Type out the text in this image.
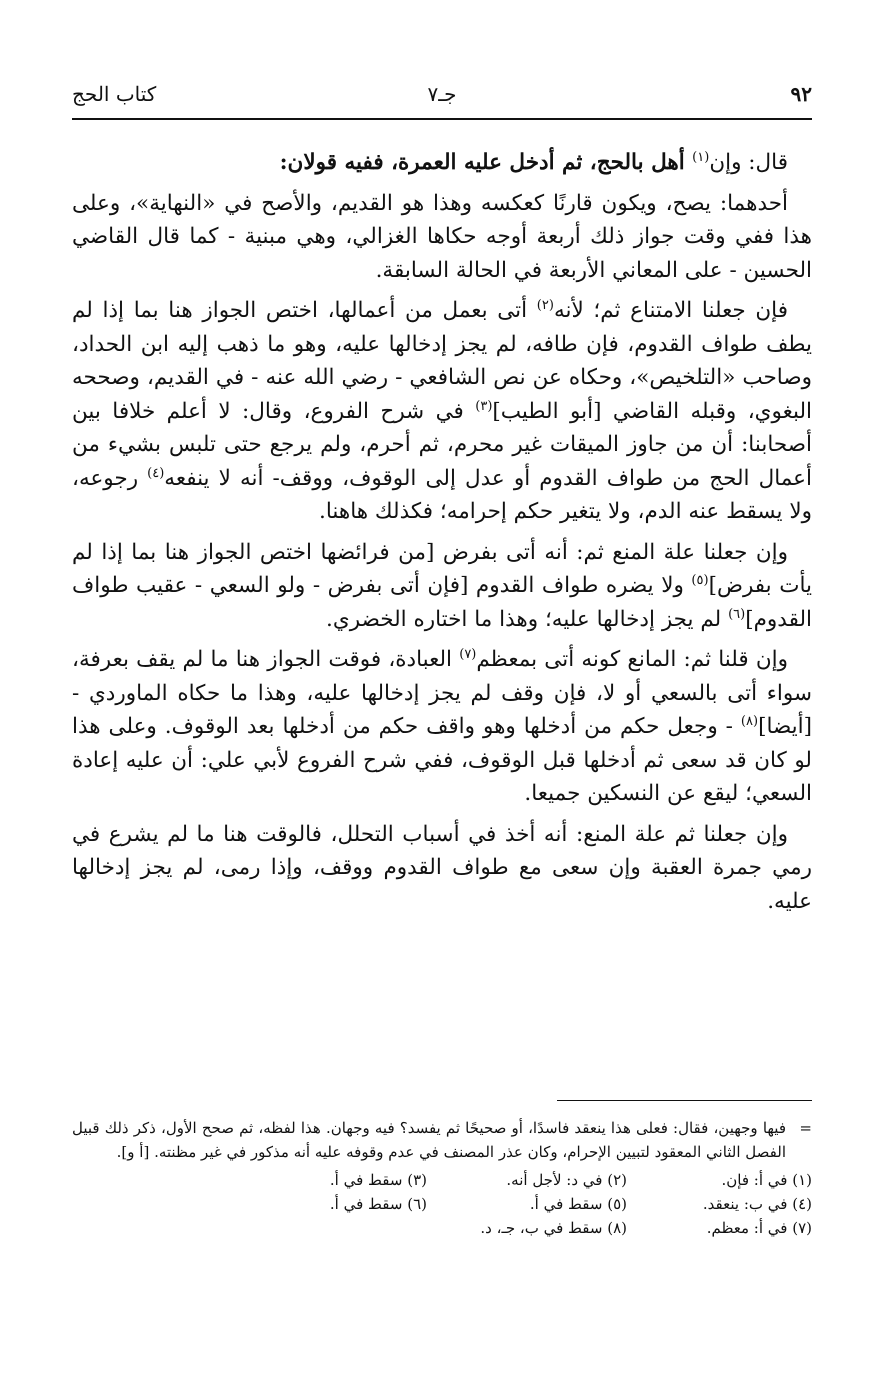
٩٢
جـ٧
كتاب الحج

قال: وإن$^{(١)}$ أهل بالحج، ثم أدخل عليه العمرة، ففيه قولان:

أحدهما: يصح، ويكون قارنًا كعكسه وهذا هو القديم، والأصح في «النهاية»، وعلى هذا ففي وقت جواز ذلك أربعة أوجه حكاها الغزالي، وهي مبنية - كما قال القاضي الحسين - على المعاني الأربعة في الحالة السابقة.

فإن جعلنا الامتناع ثم؛ لأنه$^{(٢)}$ أتى بعمل من أعمالها، اختص الجواز هنا بما إذا لم يطف طواف القدوم، فإن طافه، لم يجز إدخالها عليه، وهو ما ذهب إليه ابن الحداد، وصاحب «التلخيص»، وحكاه عن نص الشافعي - رضي الله عنه - في القديم، وصححه البغوي، وقبله القاضي [أبو الطيب]$^{(٣)}$ في شرح الفروع، وقال: لا أعلم خلافا بين أصحابنا: أن من جاوز الميقات غير محرم، ثم أحرم، ولم يرجع حتى تلبس بشيء من أعمال الحج من طواف القدوم أو عدل إلى الوقوف، ووقف- أنه لا ينفعه$^{(٤)}$ رجوعه، ولا يسقط عنه الدم، ولا يتغير حكم إحرامه؛ فكذلك هاهنا.

وإن جعلنا علة المنع ثم: أنه أتى بفرض [من فرائضها اختص الجواز هنا بما إذا لم يأت بفرض]$^{(٥)}$ ولا يضره طواف القدوم [فإن أتى بفرض - ولو السعي - عقيب طواف القدوم]$^{(٦)}$ لم يجز إدخالها عليه؛ وهذا ما اختاره الخضري.

وإن قلنا ثم: المانع كونه أتى بمعظم$^{(٧)}$ العبادة، فوقت الجواز هنا ما لم يقف بعرفة، سواء أتى بالسعي أو لا، فإن وقف لم يجز إدخالها عليه، وهذا ما حكاه الماوردي - [أيضا]$^{(٨)}$ - وجعل حكم من أدخلها وهو واقف حكم من أدخلها بعد الوقوف. وعلى هذا لو كان قد سعى ثم أدخلها قبل الوقوف، ففي شرح الفروع لأبي علي: أن عليه إعادة السعي؛ ليقع عن النسكين جميعا.

وإن جعلنا ثم علة المنع: أنه أخذ في أسباب التحلل، فالوقت هنا ما لم يشرع في رمي جمرة العقبة وإن سعى مع طواف القدوم ووقف، وإذا رمى، لم يجز إدخالها عليه.

=
فيها وجهين، فقال: فعلى هذا ينعقد فاسدًا، أو صحيحًا ثم يفسد؟ فيه وجهان. هذا لفظه، ثم صحح الأول، ذكر ذلك قبيل الفصل الثاني المعقود لتبيين الإحرام، وكان عذر المصنف في عدم وقوفه عليه أنه مذكور في غير مظنته. [أ و].
(١) في أ: فإن.
(٢) في د: لأجل أنه.
(٣) سقط في أ.
(٤) في ب: ينعقد.
(٥) سقط في أ.
(٦) سقط في أ.
(٧) في أ: معظم.
(٨) سقط في ب، جـ، د.
